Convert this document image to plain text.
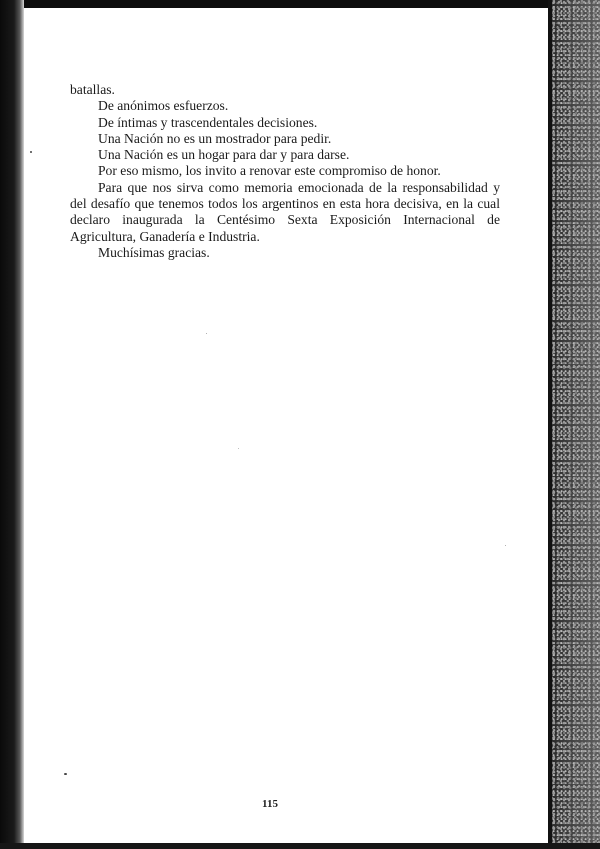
batallas.

De anónimos esfuerzos.

De íntimas y trascendentales decisiones.

Una Nación no es un mostrador para pedir.

Una Nación es un hogar para dar y para darse.

Por eso mismo, los invito a renovar este compromiso de honor.

Para que nos sirva como memoria emocionada de la responsabilidad y del desafío que tenemos todos los argentinos en esta hora decisiva, en la cual declaro inaugurada la Centésimo Sexta Exposición Internacional de Agricultura, Ganadería e Industria.

Muchísimas gracias.

115
